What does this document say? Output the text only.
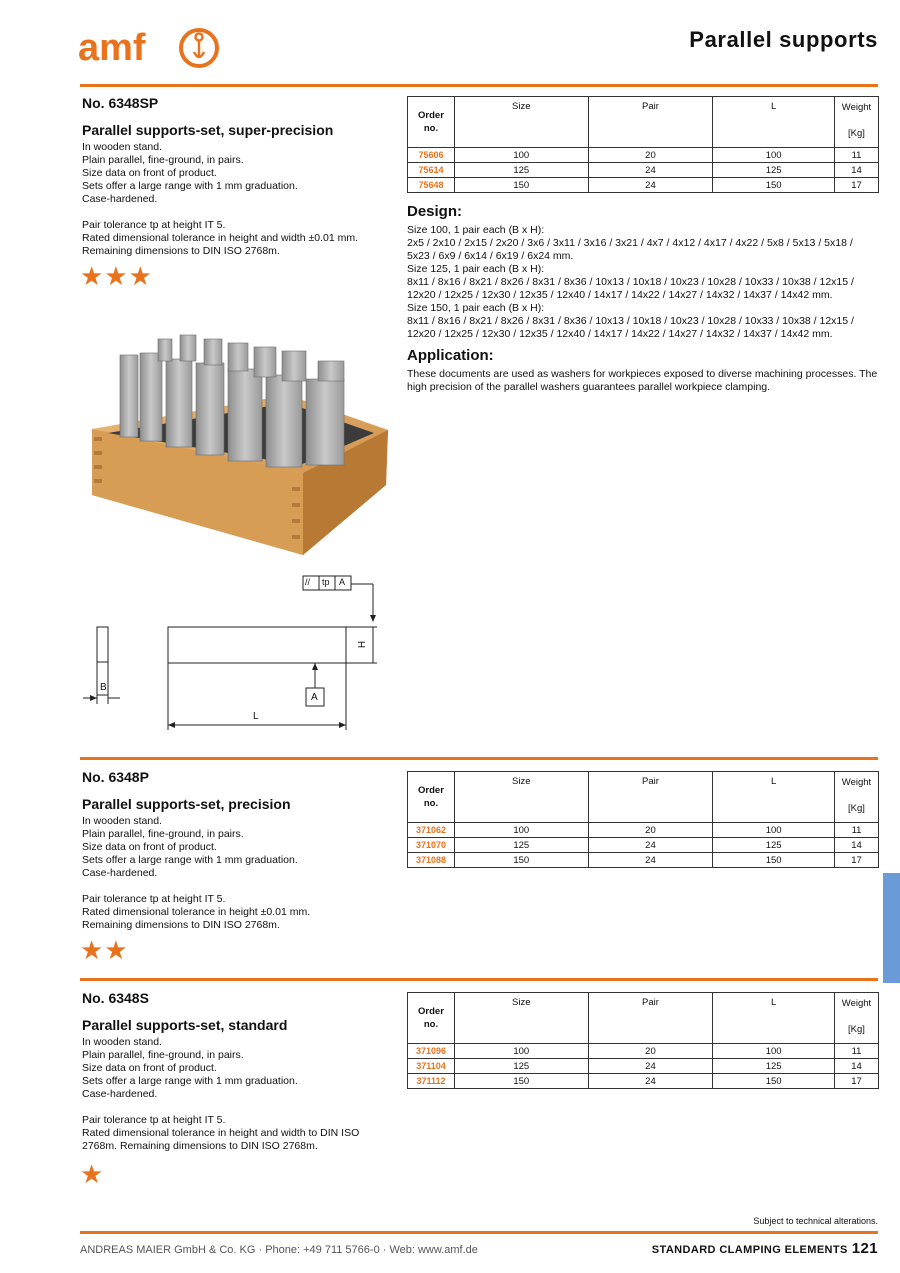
amf	Parallel supports
No. 6348SP
Parallel supports-set, super-precision

In wooden stand.

Plain parallel, fine-ground, in pairs.

Size data on front of product.

Sets offer a large range with 1 mm graduation.

Case-hardened.

Pair tolerance tp at height IT 5.

Rated dimensional tolerance in height and width ±0.01 mm.

Remaining dimensions to DIN ISO 2768m.

★★★
Order
no.	Size	Pair	L	Weight

[Kg]
75606	100	20	100	11
75614	125	24	125	14
75648	150	24	150	17
Design:

Size 100, 1 pair each (B x H):

2x5 / 2x10 / 2x15 / 2x20 / 3x6 / 3x11 / 3x16 / 3x21 / 4x7 / 4x12 / 4x17 / 4x22 / 5x8 / 5x13 / 5x18 /

5x23 / 6x9 / 6x14 / 6x19 / 6x24 mm.

Size 125, 1 pair each (B x H):

8x11 / 8x16 / 8x21 / 8x26 / 8x31 / 8x36 / 10x13 / 10x18 / 10x23 / 10x28 / 10x33 / 10x38 / 12x15 /

12x20 / 12x25 / 12x30 / 12x35 / 12x40 / 14x17 / 14x22 / 14x27 / 14x32 / 14x37 / 14x42 mm.

Size 150, 1 pair each (B x H):

8x11 / 8x16 / 8x21 / 8x26 / 8x31 / 8x36 / 10x13 / 10x18 / 10x23 / 10x28 / 10x33 / 10x38 / 12x15 /

12x20 / 12x25 / 12x30 / 12x35 / 12x40 / 14x17 / 14x22 / 14x27 / 14x32 / 14x37 / 14x42 mm.

Application:
These documents are used as washers for workpieces exposed to diverse machining processes. The high precision of the parallel washers guarantees parallel workpiece clamping.
B
L
H
A
// tp A
No. 6348P
Parallel supports-set, precision

In wooden stand.

Plain parallel, fine-ground, in pairs.

Size data on front of product.

Sets offer a large range with 1 mm graduation.

Case-hardened.

Pair tolerance tp at height IT 5.

Rated dimensional tolerance in height ±0.01 mm.

Remaining dimensions to DIN ISO 2768m.

★★
Order
no.	Size	Pair	L	Weight

[Kg]
371062	100	20	100	11
371070	125	24	125	14
371088	150	24	150	17
No. 6348S
Parallel supports-set, standard

In wooden stand.

Plain parallel, fine-ground, in pairs.

Size data on front of product.

Sets offer a large range with 1 mm graduation.

Case-hardened.

Pair tolerance tp at height IT 5.

Rated dimensional tolerance in height and width to DIN ISO

2768m. Remaining dimensions to DIN ISO 2768m.

★
Order
no.	Size	Pair	L	Weight

[Kg]
371096	100	20	100	11
371104	125	24	125	14
371112	150	24	150	17
Subject to technical alterations.
ANDREAS MAIER GmbH & Co. KG · Phone: +49 711 5766-0 · Web: www.amf.de	STANDARD CLAMPING ELEMENTS 121
